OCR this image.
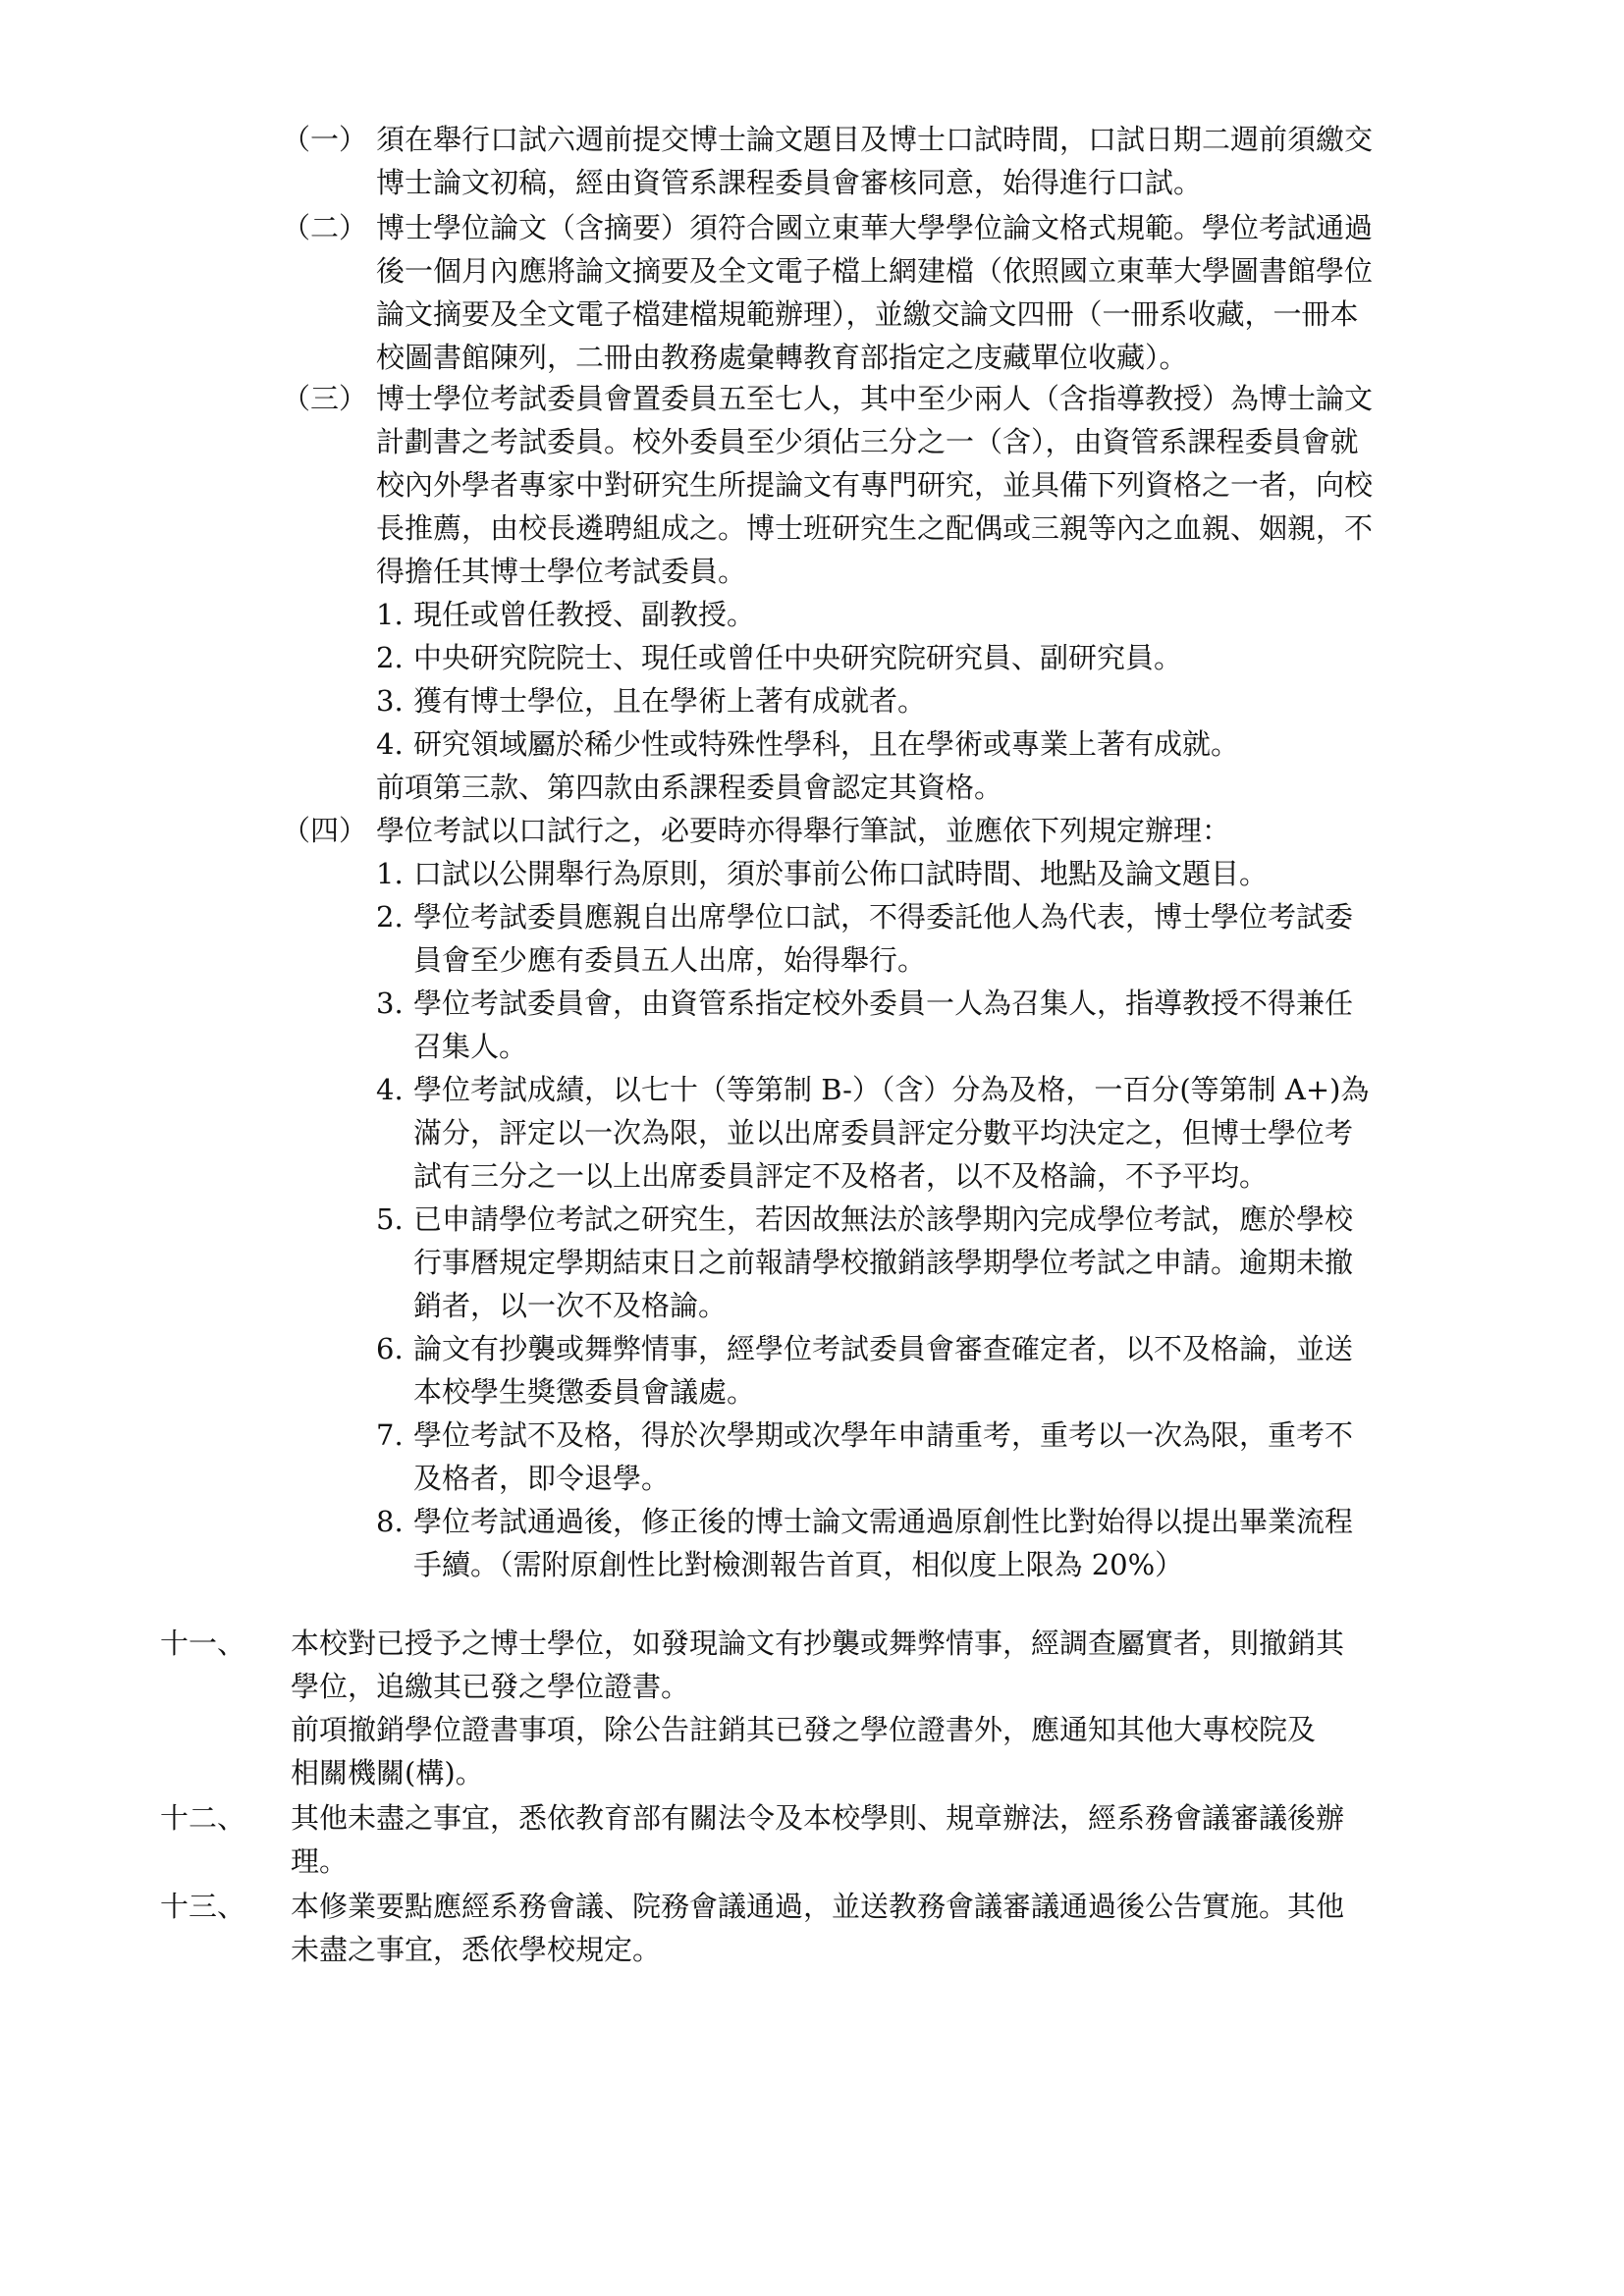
（一） 須在舉行口試六週前提交博士論文題目及博士口試時間，口試日期二週前須繳交
博士論文初稿，經由資管系課程委員會審核同意，始得進行口試。
（二） 博士學位論文（含摘要）須符合國立東華大學學位論文格式規範。學位考試通過
後一個月內應將論文摘要及全文電子檔上網建檔（依照國立東華大學圖書館學位
論文摘要及全文電子檔建檔規範辦理），並繳交論文四冊（一冊系收藏，一冊本
校圖書館陳列，二冊由教務處彙轉教育部指定之庋藏單位收藏）。
（三） 博士學位考試委員會置委員五至七人，其中至少兩人（含指導教授）為博士論文
計劃書之考試委員。校外委員至少須佔三分之一（含），由資管系課程委員會就
校內外學者專家中對研究生所提論文有專門研究，並具備下列資格之一者，向校
長推薦，由校長遴聘組成之。博士班研究生之配偶或三親等內之血親、姻親，不
得擔任其博士學位考試委員。
1. 現任或曾任教授、副教授。
2. 中央研究院院士、現任或曾任中央研究院研究員、副研究員。
3. 獲有博士學位，且在學術上著有成就者。
4. 研究領域屬於稀少性或特殊性學科，且在學術或專業上著有成就。
前項第三款、第四款由系課程委員會認定其資格。
（四） 學位考試以口試行之，必要時亦得舉行筆試，並應依下列規定辦理：
1. 口試以公開舉行為原則，須於事前公佈口試時間、地點及論文題目。
2. 學位考試委員應親自出席學位口試，不得委託他人為代表，博士學位考試委
員會至少應有委員五人出席，始得舉行。
3. 學位考試委員會，由資管系指定校外委員一人為召集人，指導教授不得兼任
召集人。
4. 學位考試成績，以七十（等第制 B-）（含）分為及格，一百分(等第制 A+)為
滿分，評定以一次為限，並以出席委員評定分數平均決定之，但博士學位考
試有三分之一以上出席委員評定不及格者，以不及格論，不予平均。
5. 已申請學位考試之研究生，若因故無法於該學期內完成學位考試，應於學校
行事曆規定學期結束日之前報請學校撤銷該學期學位考試之申請。逾期未撤
銷者，以一次不及格論。
6. 論文有抄襲或舞弊情事，經學位考試委員會審查確定者，以不及格論，並送
本校學生獎懲委員會議處。
7. 學位考試不及格，得於次學期或次學年申請重考，重考以一次為限，重考不
及格者，即令退學。
8. 學位考試通過後，修正後的博士論文需通過原創性比對始得以提出畢業流程
手續。（需附原創性比對檢測報告首頁，相似度上限為 20%）
十一、 本校對已授予之博士學位，如發現論文有抄襲或舞弊情事，經調查屬實者，則撤銷其
學位，追繳其已發之學位證書。
前項撤銷學位證書事項，除公告註銷其已發之學位證書外，應通知其他大專校院及
相關機關(構)。
十二、 其他未盡之事宜，悉依教育部有關法令及本校學則、規章辦法，經系務會議審議後辦
理。
十三、 本修業要點應經系務會議、院務會議通過，並送教務會議審議通過後公告實施。其他
未盡之事宜，悉依學校規定。
